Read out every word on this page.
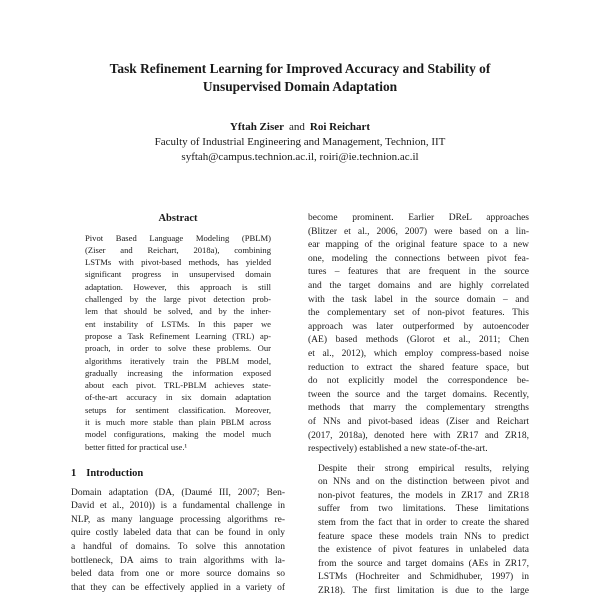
Task Refinement Learning for Improved Accuracy and Stability of
Unsupervised Domain Adaptation
Yftah Ziser and Roi Reichart
Faculty of Industrial Engineering and Management, Technion, IIT
syftah@campus.technion.ac.il, roiri@ie.technion.ac.il
Abstract

Pivot Based Language Modeling (PBLM)
(Ziser and Reichart, 2018a), combining
LSTMs with pivot-based methods, has yielded
significant progress in unsupervised domain
adaptation. However, this approach is still
challenged by the large pivot detection prob-
lem that should be solved, and by the inher-
ent instability of LSTMs. In this paper we
propose a Task Refinement Learning (TRL) ap-
proach, in order to solve these problems. Our
algorithms iteratively train the PBLM model,
gradually increasing the information exposed
about each pivot. TRL-PBLM achieves state-
of-the-art accuracy in six domain adaptation
setups for sentiment classification. Moreover,
it is much more stable than plain PBLM across
model configurations, making the model much
better fitted for practical use.¹

1 Introduction

Domain adaptation (DA, (Daumé III, 2007; Ben-
David et al., 2010)) is a fundamental challenge in
NLP, as many language processing algorithms re-
quire costly labeled data that can be found in only
a handful of domains. To solve this annotation
bottleneck, DA aims to train algorithms with la-
beled data from one or more source domains so
that they can be effectively applied in a variety of

become prominent. Earlier DReL approaches
(Blitzer et al., 2006, 2007) were based on a lin-
ear mapping of the original feature space to a new
one, modeling the connections between pivot fea-
tures – features that are frequent in the source
and the target domains and are highly correlated
with the task label in the source domain – and
the complementary set of non-pivot features. This
approach was later outperformed by autoencoder
(AE) based methods (Glorot et al., 2011; Chen
et al., 2012), which employ compress-based noise
reduction to extract the shared feature space, but
do not explicitly model the correspondence be-
tween the source and the target domains. Recently,
methods that marry the complementary strengths
of NNs and pivot-based ideas (Ziser and Reichart
(2017, 2018a), denoted here with ZR17 and ZR18,
respectively) established a new state-of-the-art.

Despite their strong empirical results, relying
on NNs and on the distinction between pivot and
non-pivot features, the models in ZR17 and ZR18
suffer from two limitations. These limitations
stem from the fact that in order to create the shared
feature space these models train NNs to predict
the existence of pivot features in unlabeled data
from the source and target domains (AEs in ZR17,
LSTMs (Hochreiter and Schmidhuber, 1997) in
ZR18). The first limitation is due to the large
